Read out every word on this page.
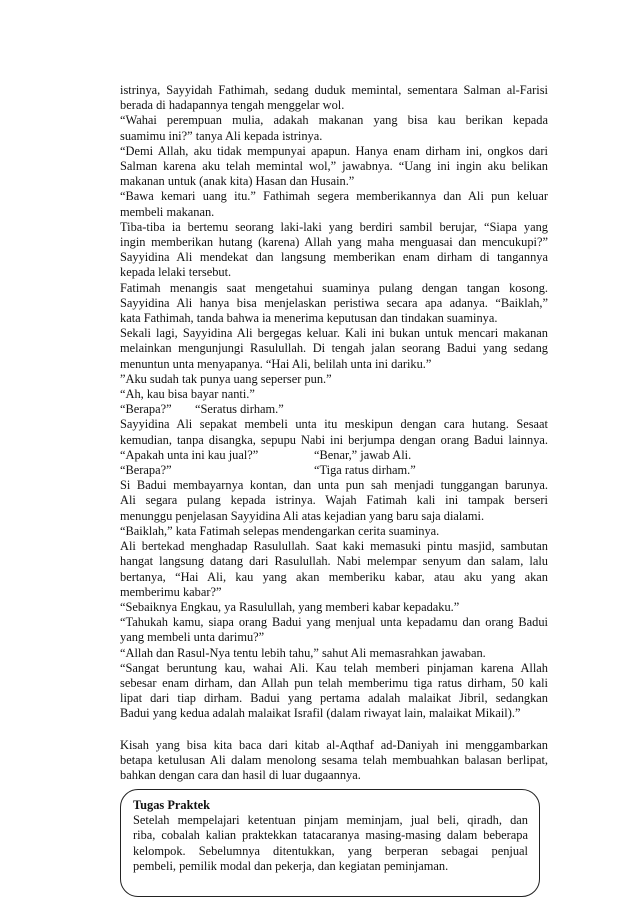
istrinya, Sayyidah Fathimah, sedang duduk memintal, sementara Salman al-Farisi
berada di hadapannya tengah menggelar wol.
“Wahai perempuan mulia, adakah makanan yang bisa kau berikan kepada
suamimu ini?” tanya Ali kepada istrinya.
“Demi Allah, aku tidak mempunyai apapun. Hanya enam dirham ini, ongkos dari
Salman karena aku telah memintal wol,” jawabnya. “Uang ini ingin aku belikan
makanan untuk (anak kita) Hasan dan Husain.”
“Bawa kemari uang itu.” Fathimah segera memberikannya dan Ali pun keluar
membeli makanan.
Tiba-tiba ia bertemu seorang laki-laki yang berdiri sambil berujar, “Siapa yang
ingin memberikan hutang (karena) Allah yang maha menguasai dan mencukupi?”
Sayyidina Ali mendekat dan langsung memberikan enam dirham di tangannya
kepada lelaki tersebut.
Fatimah menangis saat mengetahui suaminya pulang dengan tangan kosong.
Sayyidina Ali hanya bisa menjelaskan peristiwa secara apa adanya. “Baiklah,”
kata Fathimah, tanda bahwa ia menerima keputusan dan tindakan suaminya.
Sekali lagi, Sayyidina Ali bergegas keluar. Kali ini bukan untuk mencari makanan
melainkan mengunjungi Rasulullah. Di tengah jalan seorang Badui yang sedang
menuntun unta menyapanya. “Hai Ali, belilah unta ini dariku.”
”Aku sudah tak punya uang seperser pun.”
“Ah, kau bisa bayar nanti.”
“Berapa?” “Seratus dirham.”
Sayyidina Ali sepakat membeli unta itu meskipun dengan cara hutang. Sesaat
kemudian, tanpa disangka, sepupu Nabi ini berjumpa dengan orang Badui lainnya.
“Apakah unta ini kau jual?”	“Benar,” jawab Ali.
“Berapa?”	“Tiga ratus dirham.”
Si Badui membayarnya kontan, dan unta pun sah menjadi tunggangan barunya.
Ali segara pulang kepada istrinya. Wajah Fatimah kali ini tampak berseri
menunggu penjelasan Sayyidina Ali atas kejadian yang baru saja dialami.
“Baiklah,” kata Fatimah selepas mendengarkan cerita suaminya.
Ali bertekad menghadap Rasulullah. Saat kaki memasuki pintu masjid, sambutan
hangat langsung datang dari Rasulullah. Nabi melempar senyum dan salam, lalu
bertanya, “Hai Ali, kau yang akan memberiku kabar, atau aku yang akan
memberimu kabar?”
“Sebaiknya Engkau, ya Rasulullah, yang memberi kabar kepadaku.”
“Tahukah kamu, siapa orang Badui yang menjual unta kepadamu dan orang Badui
yang membeli unta darimu?”
“Allah dan Rasul-Nya tentu lebih tahu,” sahut Ali memasrahkan jawaban.
“Sangat beruntung kau, wahai Ali. Kau telah memberi pinjaman karena Allah
sebesar enam dirham, dan Allah pun telah memberimu tiga ratus dirham, 50 kali
lipat dari tiap dirham. Badui yang pertama adalah malaikat Jibril, sedangkan
Badui yang kedua adalah malaikat Israfil (dalam riwayat lain, malaikat Mikail).”
Kisah yang bisa kita baca dari kitab al-Aqthaf ad-Daniyah ini menggambarkan
betapa ketulusan Ali dalam menolong sesama telah membuahkan balasan berlipat,
bahkan dengan cara dan hasil di luar dugaannya.
Tugas Praktek
Setelah mempelajari ketentuan pinjam meminjam, jual beli, qiradh, dan
riba, cobalah kalian praktekkan tatacaranya masing-masing dalam beberapa
kelompok. Sebelumnya ditentukkan, yang berperan sebagai penjual
pembeli, pemilik modal dan pekerja, dan kegiatan peminjaman.
